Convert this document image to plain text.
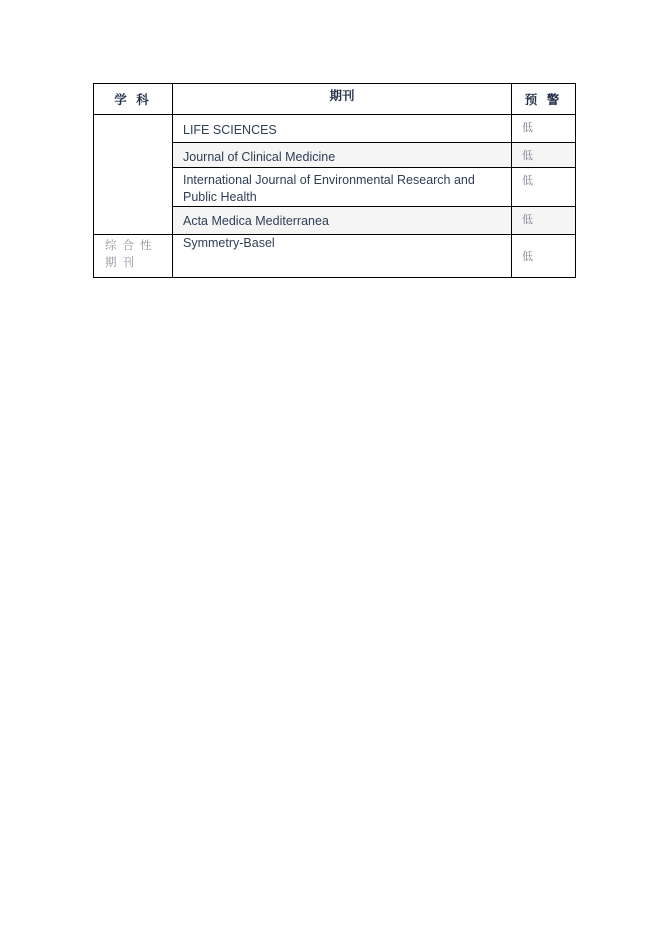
学 科	期刊	预 警
	LIFE SCIENCES	低
	Journal of Clinical Medicine	低
	International Journal of Environmental Research and Public Health	低
	Acta Medica Mediterranea	低
综合性期刊	Symmetry-Basel	低
